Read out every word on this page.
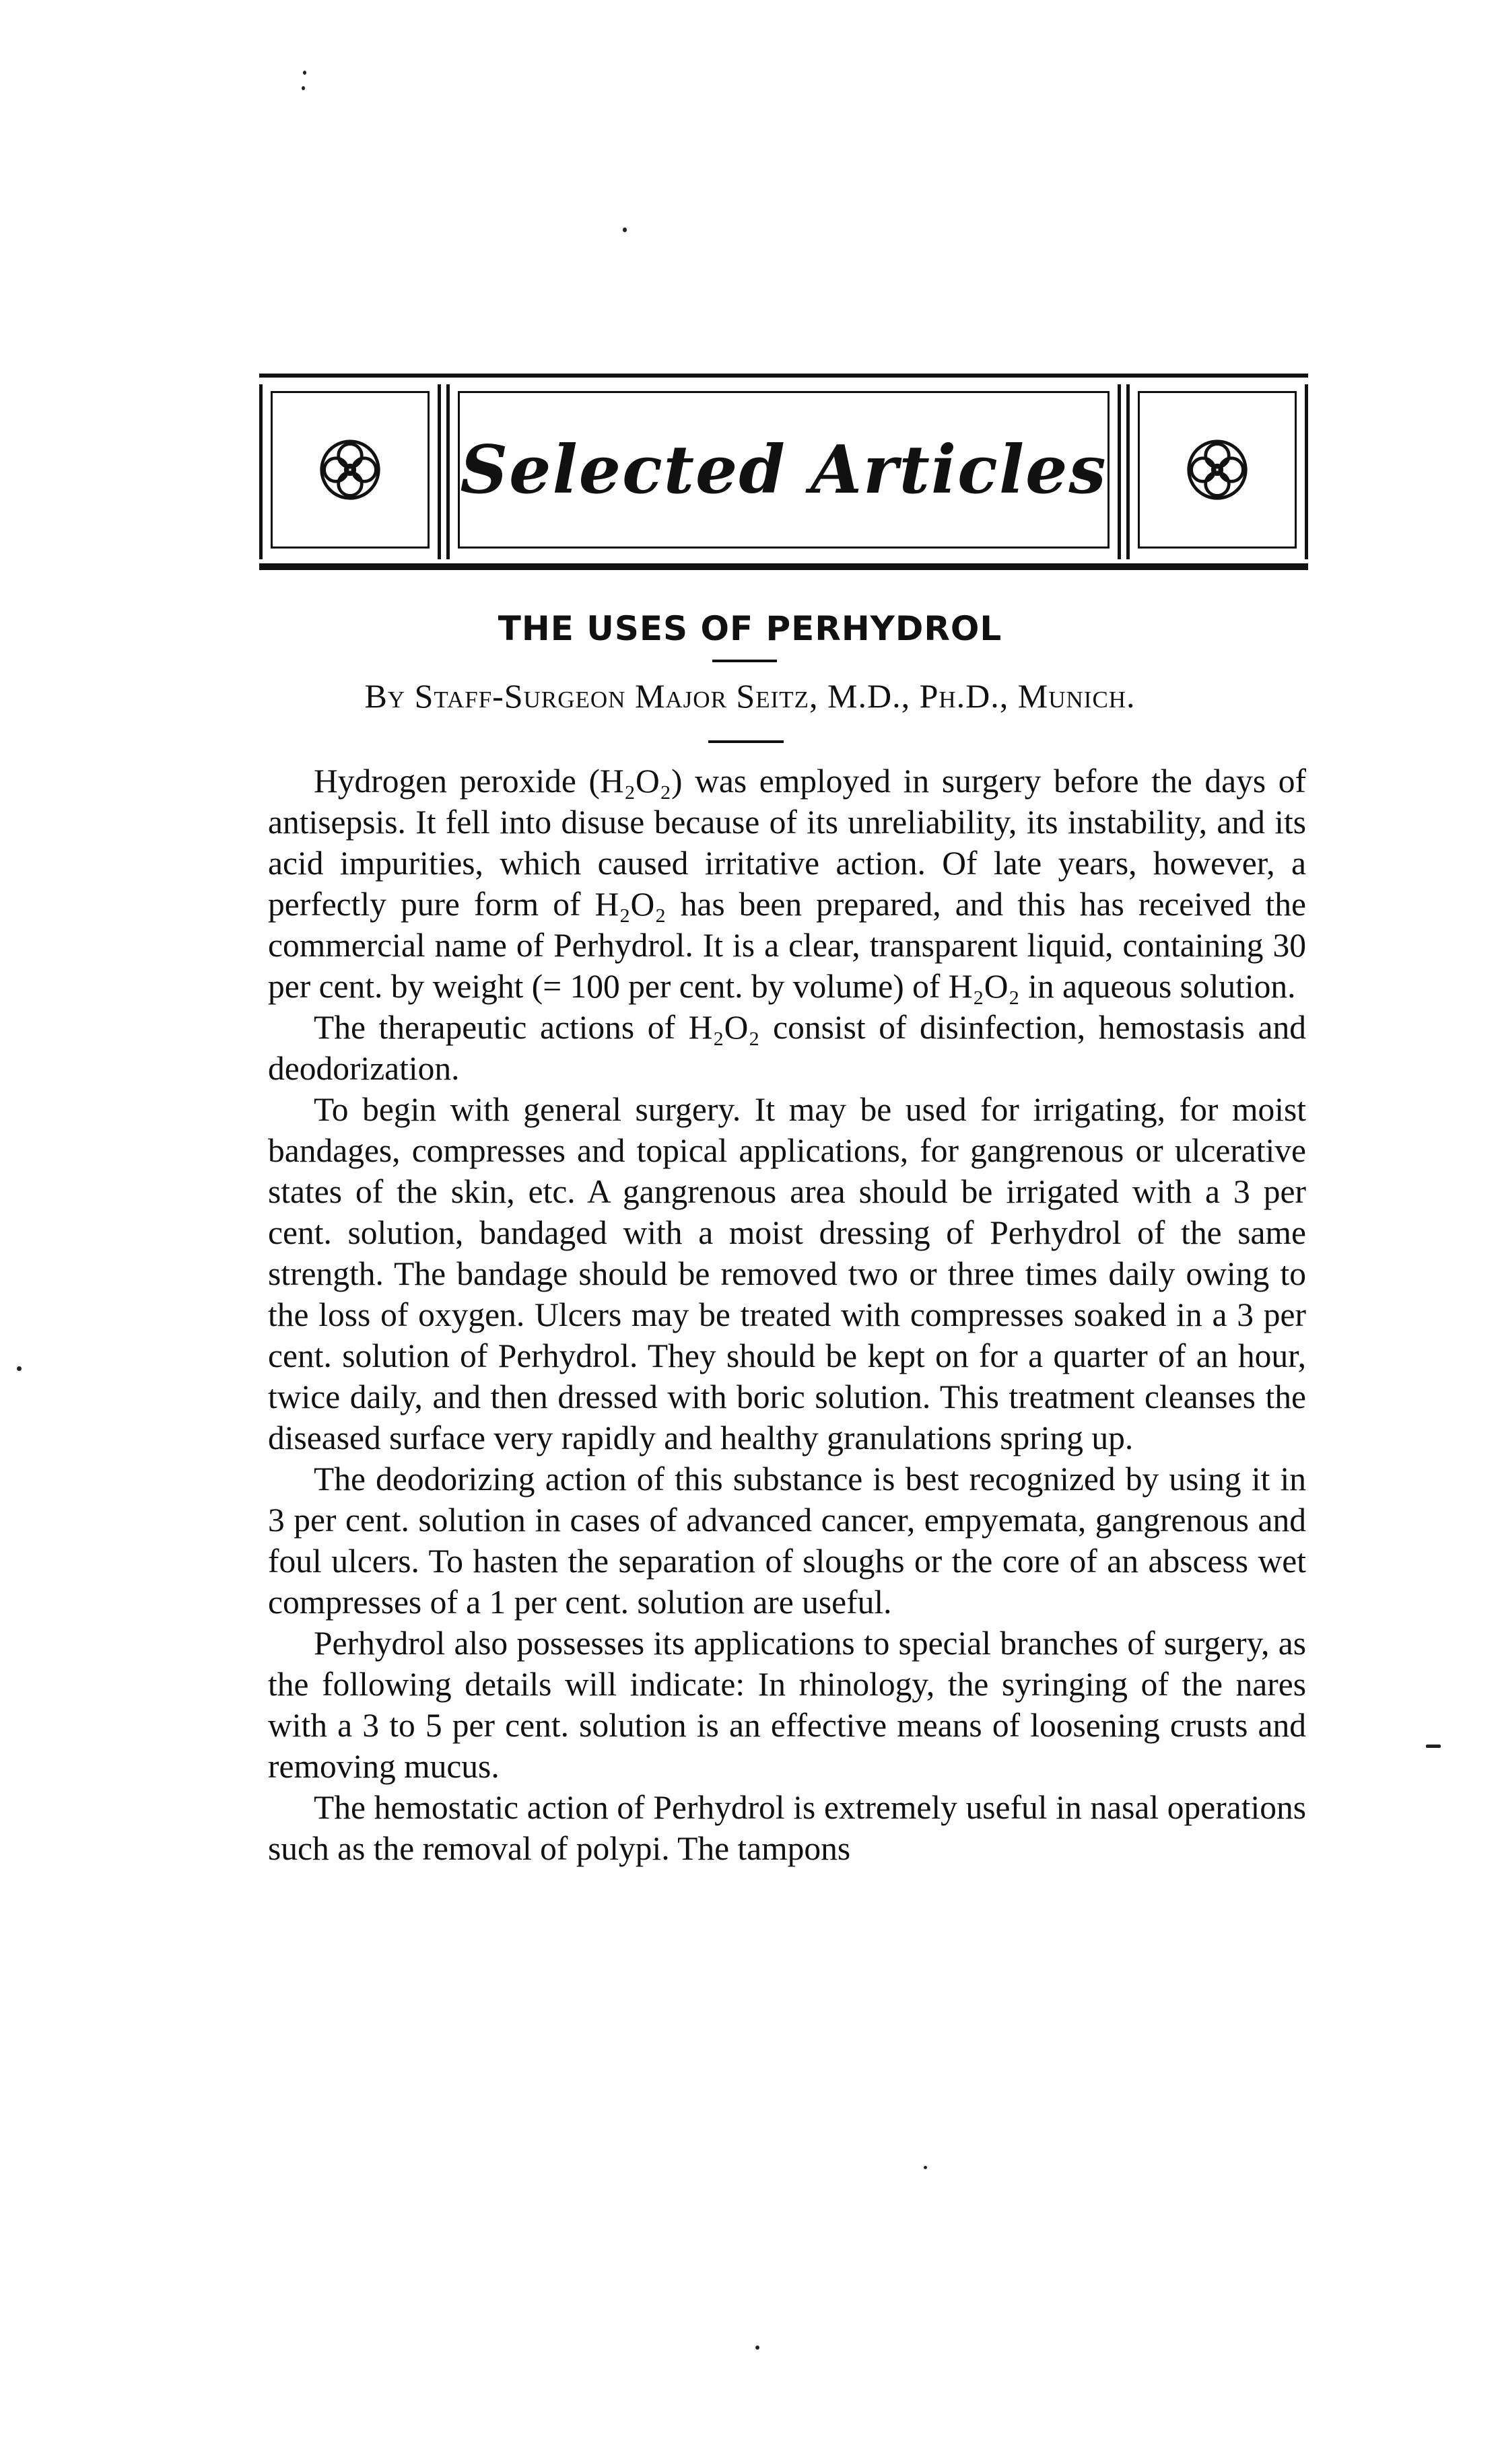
Selected Articles
THE USES OF PERHYDROL
By Staff-Surgeon Major Seitz, M.D., Ph.D., Munich.

Hydrogen peroxide (H₂O₂) was employed in surgery before the days of antisepsis. It fell into disuse because of its unreliability, its instability, and its acid impurities, which caused irritative action. Of late years, however, a perfectly pure form of H₂O₂ has been prepared, and this has received the commercial name of Perhydrol. It is a clear, transparent liquid, containing 30 per cent. by weight (= 100 per cent. by volume) of H₂O₂ in aqueous solution.

The therapeutic actions of H₂O₂ consist of disinfection, hemostasis and deodorization.

To begin with general surgery. It may be used for irrigating, for moist bandages, compresses and topical applications, for gangrenous or ulcerative states of the skin, etc. A gangrenous area should be irrigated with a 3 per cent. solution, bandaged with a moist dressing of Perhydrol of the same strength. The bandage should be removed two or three times daily owing to the loss of oxygen. Ulcers may be treated with compresses soaked in a 3 per cent. solution of Perhydrol. They should be kept on for a quarter of an hour, twice daily, and then dressed with boric solution. This treatment cleanses the diseased surface very rapidly and healthy granulations spring up.

The deodorizing action of this substance is best recognized by using it in 3 per cent. solution in cases of advanced cancer, empyemata, gangrenous and foul ulcers. To hasten the separation of sloughs or the core of an abscess wet compresses of a 1 per cent. solution are useful.

Perhydrol also possesses its applications to special branches of surgery, as the following details will indicate: In rhinology, the syringing of the nares with a 3 to 5 per cent. solution is an effective means of loosening crusts and removing mucus.

The hemostatic action of Perhydrol is extremely useful in nasal operations such as the removal of polypi. The tampons
